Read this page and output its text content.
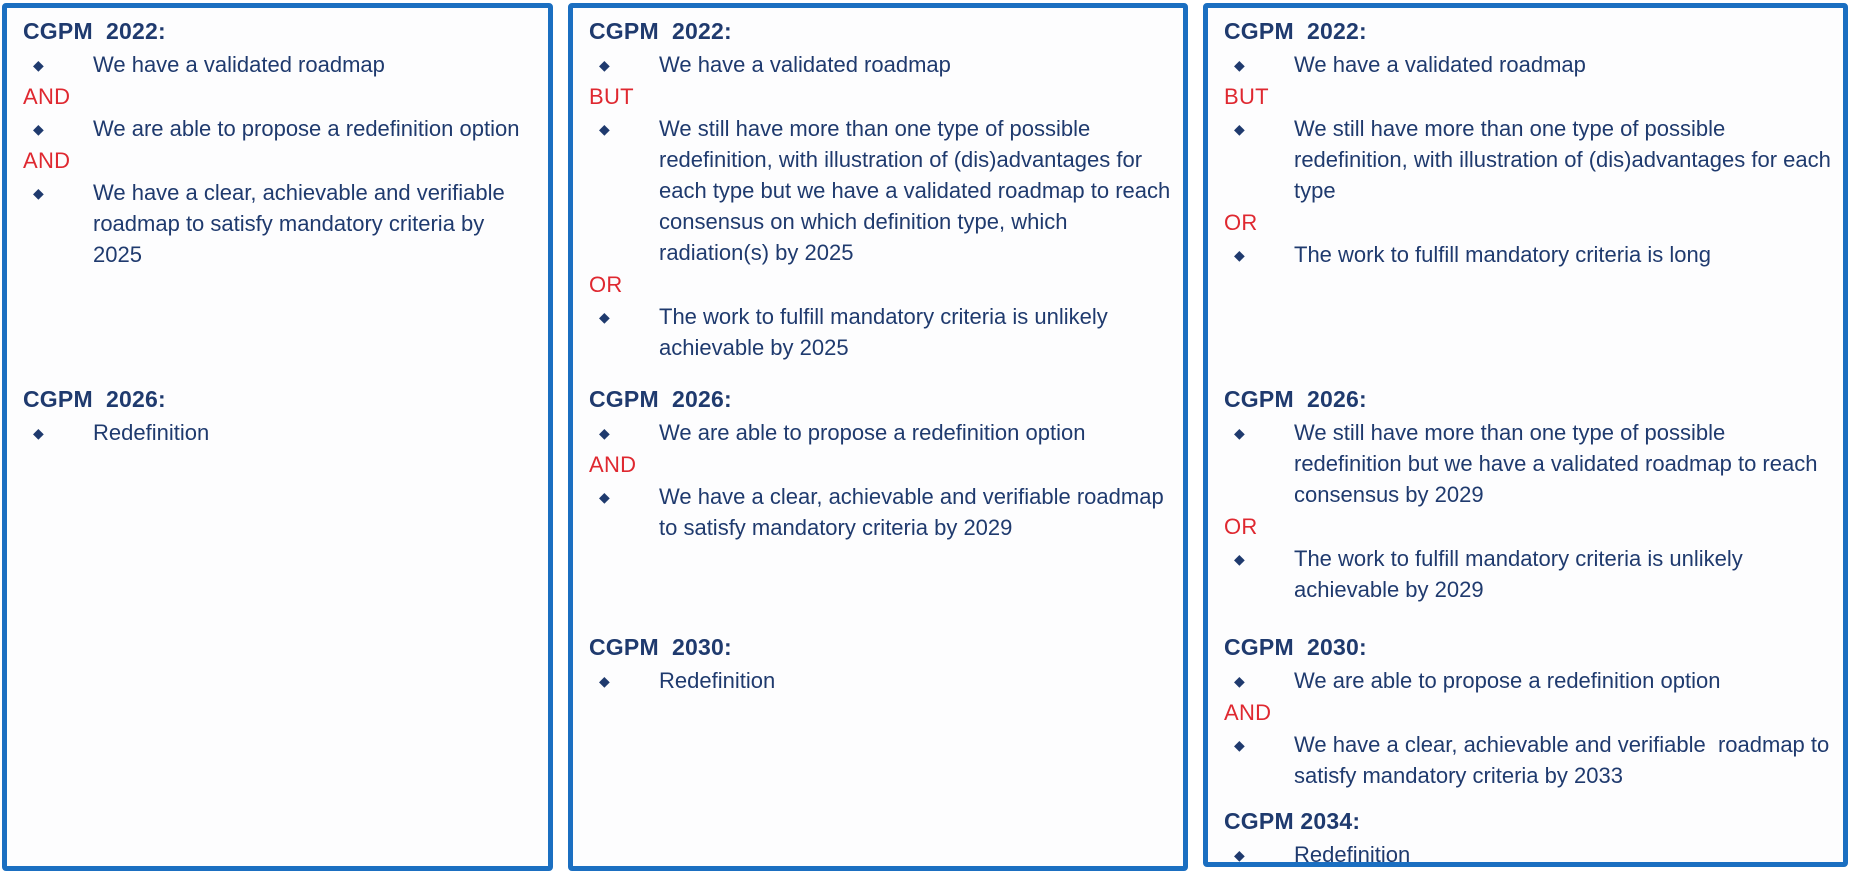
CGPM  2022:
◆ We have a validated roadmap
AND
◆ We are able to propose a redefinition option
AND
◆ We have a clear, achievable and verifiable roadmap to satisfy mandatory criteria by 2025
CGPM  2026:
◆ Redefinition
CGPM  2022:
◆ We have a validated roadmap
BUT
◆ We still have more than one type of possible redefinition, with illustration of (dis)advantages for each type but we have a validated roadmap to reach consensus on which definition type, which radiation(s) by 2025
OR
◆ The work to fulfill mandatory criteria is unlikely achievable by 2025
CGPM  2026:
◆ We are able to propose a redefinition option
AND
◆ We have a clear, achievable and verifiable roadmap to satisfy mandatory criteria by 2029
CGPM  2030:
◆ Redefinition
CGPM  2022:
◆ We have a validated roadmap
BUT
◆ We still have more than one type of possible redefinition, with illustration of (dis)advantages for each type
OR
◆ The work to fulfill mandatory criteria is long
CGPM  2026:
◆ We still have more than one type of possible redefinition but we have a validated roadmap to reach consensus by 2029
OR
◆ The work to fulfill mandatory criteria is unlikely achievable by 2029
CGPM  2030:
◆ We are able to propose a redefinition option
AND
◆ We have a clear, achievable and verifiable  roadmap to satisfy mandatory criteria by 2033
CGPM 2034:
◆ Redefinition
